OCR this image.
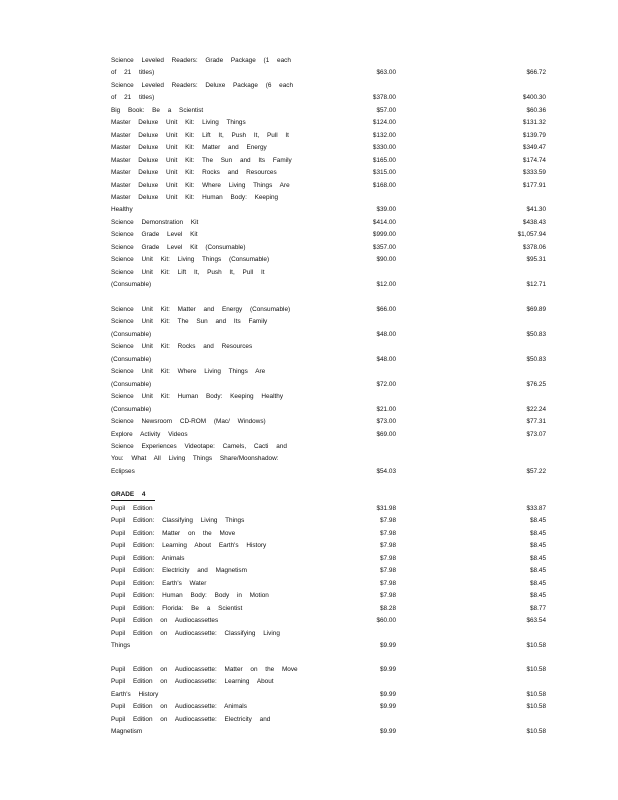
Science Leveled Readers: Grade Package (1 each
of 21 titles)	$63.00	$66.72
Science Leveled Readers: Deluxe Package (6 each
of 21 titles)	$378.00	$400.30
Big Book: Be a Scientist	$57.00	$60.36
Master Deluxe Unit Kit: Living Things	$124.00	$131.32
Master Deluxe Unit Kit: Lift It, Push It, Pull It	$132.00	$139.79
Master Deluxe Unit Kit: Matter and Energy	$330.00	$349.47
Master Deluxe Unit Kit: The Sun and Its Family	$165.00	$174.74
Master Deluxe Unit Kit: Rocks and Resources	$315.00	$333.59
Master Deluxe Unit Kit: Where Living Things Are	$168.00	$177.91
Master Deluxe Unit Kit: Human Body: Keeping
Healthy	$39.00	$41.30
Science Demonstration Kit	$414.00	$438.43
Science Grade Level Kit	$999.00	$1,057.94
Science Grade Level Kit (Consumable)	$357.00	$378.06
Science Unit Kit: Living Things (Consumable)	$90.00	$95.31
Science Unit Kit: Lift It, Push It, Pull It
(Consumable)	$12.00	$12.71
Science Unit Kit: Matter and Energy (Consumable)	$66.00	$69.89
Science Unit Kit: The Sun and Its Family
(Consumable)	$48.00	$50.83
Science Unit Kit: Rocks and Resources
(Consumable)	$48.00	$50.83
Science Unit Kit: Where Living Things Are
(Consumable)	$72.00	$76.25
Science Unit Kit: Human Body: Keeping Healthy
(Consumable)	$21.00	$22.24
Science Newsroom CD-ROM (Mac/ Windows)	$73.00	$77.31
Explore Activity Videos	$69.00	$73.07
Science Experiences Videotape: Camels, Cacti and
You: What All Living Things Share/Moonshadow:
Eclipses	$54.03	$57.22
GRADE 4
Pupil Edition	$31.98	$33.87
Pupil Edition: Classifying Living Things	$7.98	$8.45
Pupil Edition: Matter on the Move	$7.98	$8.45
Pupil Edition: Learning About Earth's History	$7.98	$8.45
Pupil Edition: Animals	$7.98	$8.45
Pupil Edition: Electricity and Magnetism	$7.98	$8.45
Pupil Edition: Earth's Water	$7.98	$8.45
Pupil Edition: Human Body: Body in Motion	$7.98	$8.45
Pupil Edition: Florida: Be a Scientist	$8.28	$8.77
Pupil Edition on Audiocassettes	$60.00	$63.54
Pupil Edition on Audiocassette: Classifying Living
Things	$9.99	$10.58
Pupil Edition on Audiocassette: Matter on the Move	$9.99	$10.58
Pupil Edition on Audiocassette: Learning About
Earth's History	$9.99	$10.58
Pupil Edition on Audiocassette: Animals	$9.99	$10.58
Pupil Edition on Audiocassette: Electricity and
Magnetism	$9.99	$10.58
